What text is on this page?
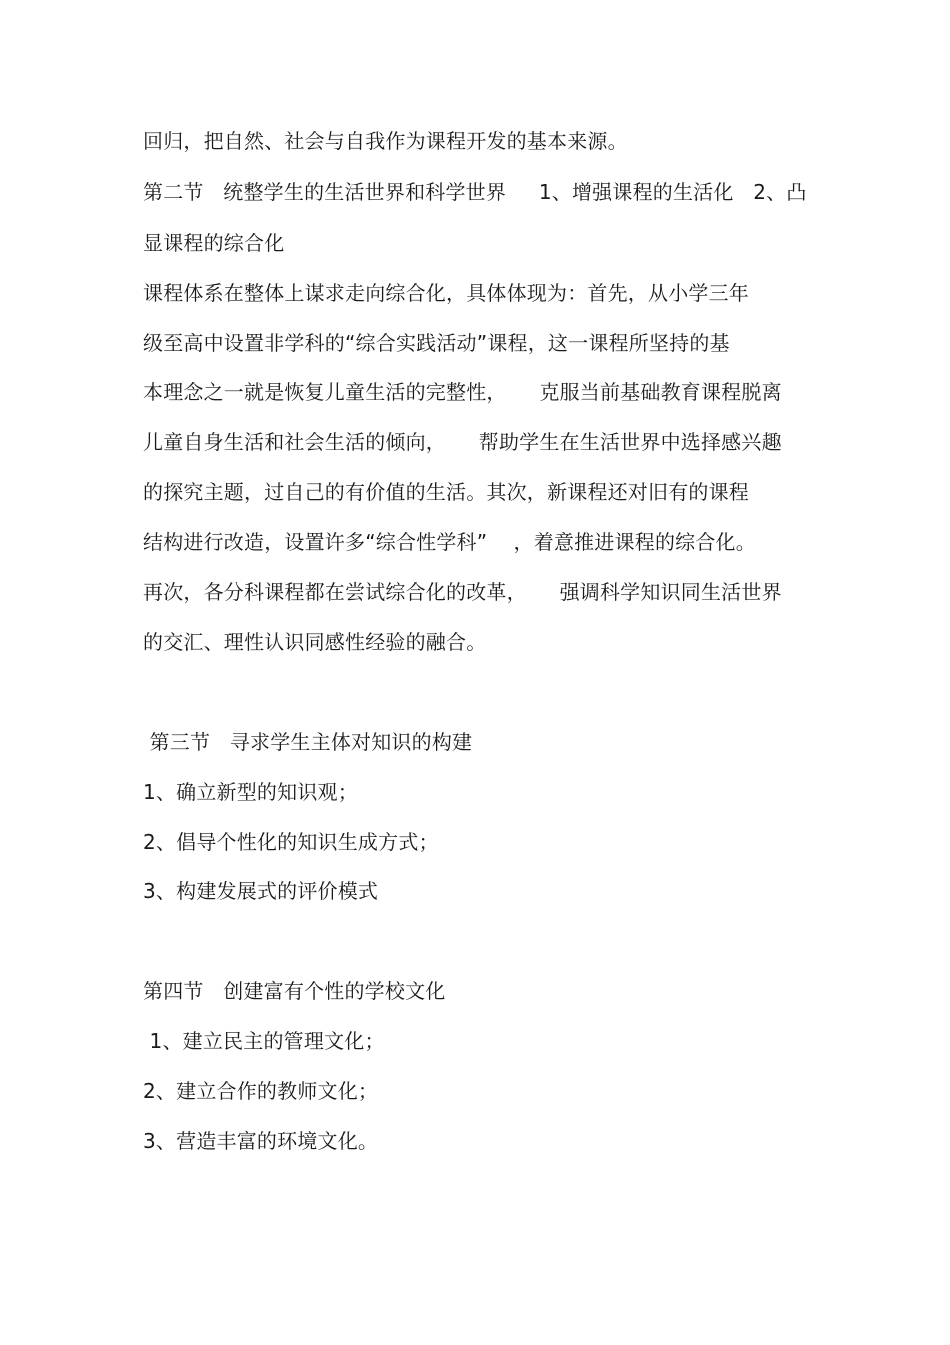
回归，把自然、社会与自我作为课程开发的基本来源。
第二节   统整学生的生活世界和科学世界     1、增强课程的生活化   2、凸
显课程的综合化
课程体系在整体上谋求走向综合化，具体体现为：首先，从小学三年
级至高中设置非学科的“综合实践活动”课程，这一课程所坚持的基
本理念之一就是恢复儿童生活的完整性，     克服当前基础教育课程脱离
儿童自身生活和社会生活的倾向，     帮助学生在生活世界中选择感兴趣
的探究主题，过自己的有价值的生活。其次，新课程还对旧有的课程
结构进行改造，设置许多“综合性学科”    ，着意推进课程的综合化。
再次，各分科课程都在尝试综合化的改革，     强调科学知识同生活世界
的交汇、理性认识同感性经验的融合。
第三节   寻求学生主体对知识的构建
1、确立新型的知识观；
2、倡导个性化的知识生成方式；
3、构建发展式的评价模式
第四节   创建富有个性的学校文化
1、建立民主的管理文化；
2、建立合作的教师文化；
3、营造丰富的环境文化。
